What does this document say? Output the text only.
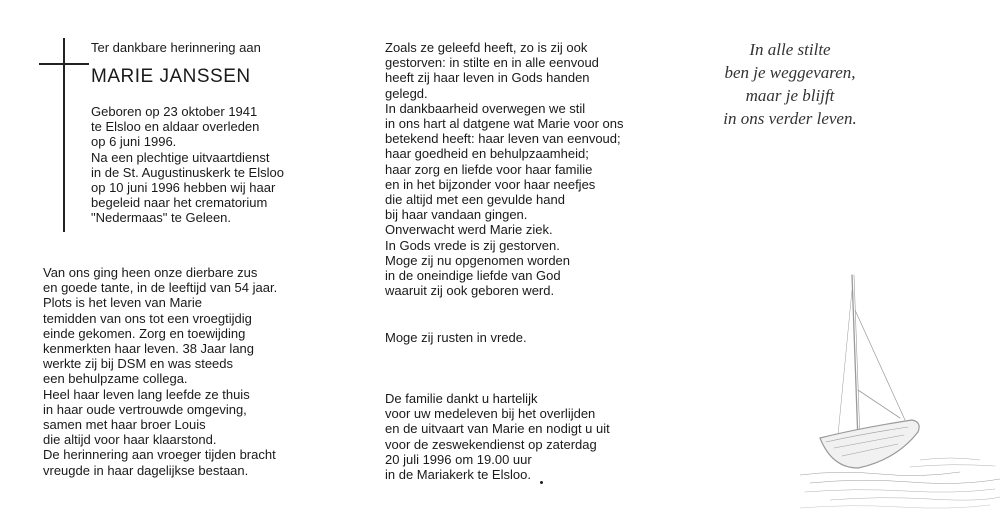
Ter dankbare herinnering aan

MARIE JANSSEN
Geboren op 23 oktober 1941
te Elsloo en aldaar overleden
op 6 juni 1996.
Na een plechtige uitvaartdienst
in de St. Augustinuskerk te Elsloo
op 10 juni 1996 hebben wij haar
begeleid naar het crematorium
"Nedermaas" te Geleen.
Van ons ging heen onze dierbare zus
en goede tante, in de leeftijd van 54 jaar.
Plots is het leven van Marie
temidden van ons tot een vroegtijdig
einde gekomen. Zorg en toewijding
kenmerkten haar leven. 38 Jaar lang
werkte zij bij DSM en was steeds
een behulpzame collega.
Heel haar leven lang leefde ze thuis
in haar oude vertrouwde omgeving,
samen met haar broer Louis
die altijd voor haar klaarstond.
De herinnering aan vroeger tijden bracht
vreugde in haar dagelijkse bestaan.
Zoals ze geleefd heeft, zo is zij ook
gestorven: in stilte en in alle eenvoud
heeft zij haar leven in Gods handen
gelegd.
In dankbaarheid overwegen we stil
in ons hart al datgene wat Marie voor ons
betekend heeft: haar leven van eenvoud;
haar goedheid en behulpzaamheid;
haar zorg en liefde voor haar familie
en in het bijzonder voor haar neefjes
die altijd met een gevulde hand
bij haar vandaan gingen.
Onverwacht werd Marie ziek.
In Gods vrede is zij gestorven.
Moge zij nu opgenomen worden
in de oneindige liefde van God
waaruit zij ook geboren werd.
Moge zij rusten in vrede.
De familie dankt u hartelijk
voor uw medeleven bij het overlijden
en de uitvaart van Marie en nodigt u uit
voor de zeswekendienst op zaterdag
20 juli 1996 om 19.00 uur
in de Mariakerk te Elsloo.
In alle stilte
ben je weggevaren,
maar je blijft
in ons verder leven.
